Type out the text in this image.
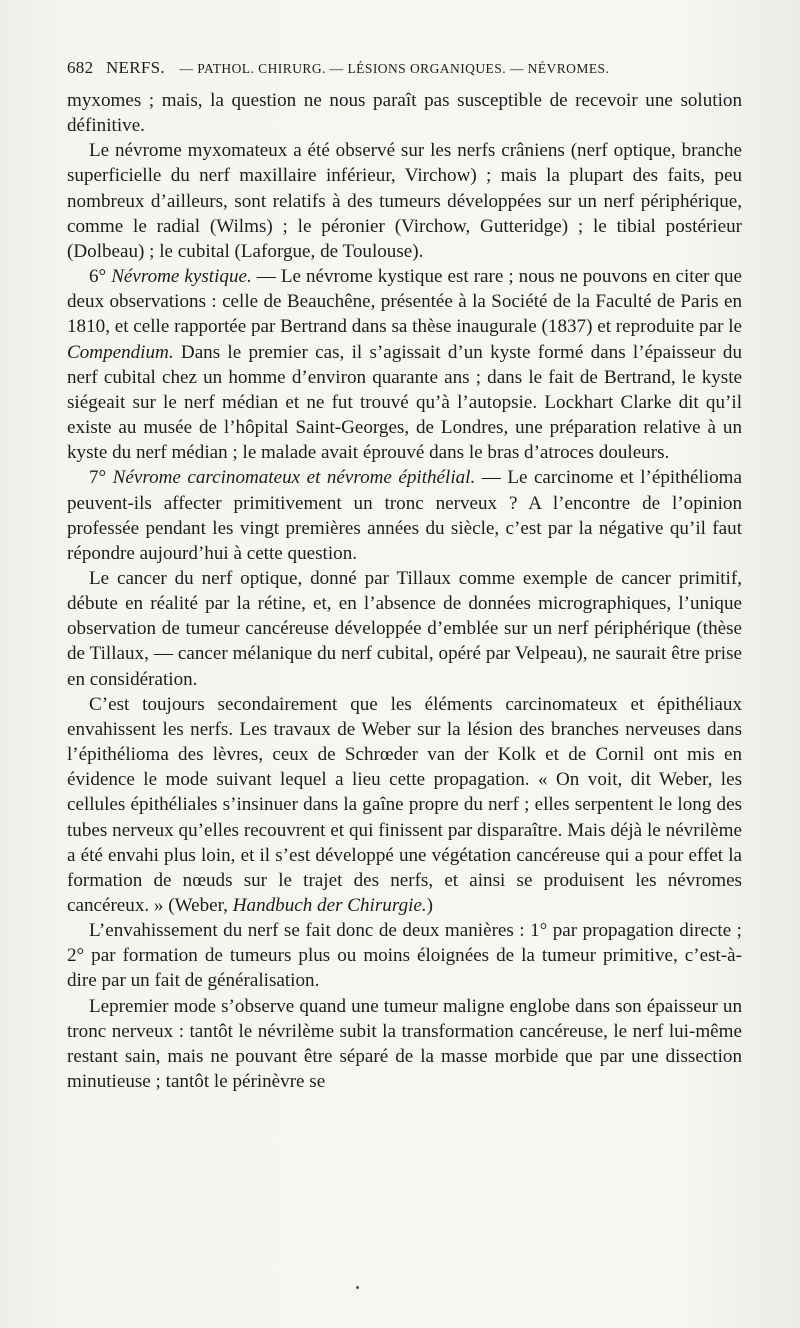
682 NERFS. — PATHOL. CHIRURG. — LÉSIONS ORGANIQUES. — NÉVROMES.

myxomes ; mais, la question ne nous paraît pas susceptible de recevoir une solution définitive.

Le névrome myxomateux a été observé sur les nerfs crâniens (nerf optique, branche superficielle du nerf maxillaire inférieur, Virchow) ; mais la plupart des faits, peu nombreux d’ailleurs, sont relatifs à des tumeurs développées sur un nerf périphérique, comme le radial (Wilms) ; le péronier (Virchow, Gutteridge) ; le tibial postérieur (Dolbeau) ; le cubital (Laforgue, de Toulouse).

6° Névrome kystique. — Le névrome kystique est rare ; nous ne pouvons en citer que deux observations : celle de Beauchêne, présentée à la Société de la Faculté de Paris en 1810, et celle rapportée par Bertrand dans sa thèse inaugurale (1837) et reproduite par le Compendium. Dans le premier cas, il s’agissait d’un kyste formé dans l’épaisseur du nerf cubital chez un homme d’environ quarante ans ; dans le fait de Bertrand, le kyste siégeait sur le nerf médian et ne fut trouvé qu’à l’autopsie. Lockhart Clarke dit qu’il existe au musée de l’hôpital Saint-Georges, de Londres, une préparation relative à un kyste du nerf médian ; le malade avait éprouvé dans le bras d’atroces douleurs.

7° Névrome carcinomateux et névrome épithélial. — Le carcinome et l’épithélioma peuvent-ils affecter primitivement un tronc nerveux ? A l’encontre de l’opinion professée pendant les vingt premières années du siècle, c’est par la négative qu’il faut répondre aujourd’hui à cette question.

Le cancer du nerf optique, donné par Tillaux comme exemple de cancer primitif, débute en réalité par la rétine, et, en l’absence de données micrographiques, l’unique observation de tumeur cancéreuse développée d’emblée sur un nerf périphérique (thèse de Tillaux, — cancer mélanique du nerf cubital, opéré par Velpeau), ne saurait être prise en considération.

C’est toujours secondairement que les éléments carcinomateux et épithéliaux envahissent les nerfs. Les travaux de Weber sur la lésion des branches nerveuses dans l’épithélioma des lèvres, ceux de Schrœder van der Kolk et de Cornil ont mis en évidence le mode suivant lequel a lieu cette propagation. « On voit, dit Weber, les cellules épithéliales s’insinuer dans la gaîne propre du nerf ; elles serpentent le long des tubes nerveux qu’elles recouvrent et qui finissent par disparaître. Mais déjà le névrilème a été envahi plus loin, et il s’est développé une végétation cancéreuse qui a pour effet la formation de nœuds sur le trajet des nerfs, et ainsi se produisent les névromes cancéreux. » (Weber, Handbuch der Chirurgie.)

L’envahissement du nerf se fait donc de deux manières : 1° par propagation directe ; 2° par formation de tumeurs plus ou moins éloignées de la tumeur primitive, c’est-à-dire par un fait de généralisation.

Lepremier mode s’observe quand une tumeur maligne englobe dans son épaisseur un tronc nerveux : tantôt le névrilème subit la transformation cancéreuse, le nerf lui-même restant sain, mais ne pouvant être séparé de la masse morbide que par une dissection minutieuse ; tantôt le périnèvre se
